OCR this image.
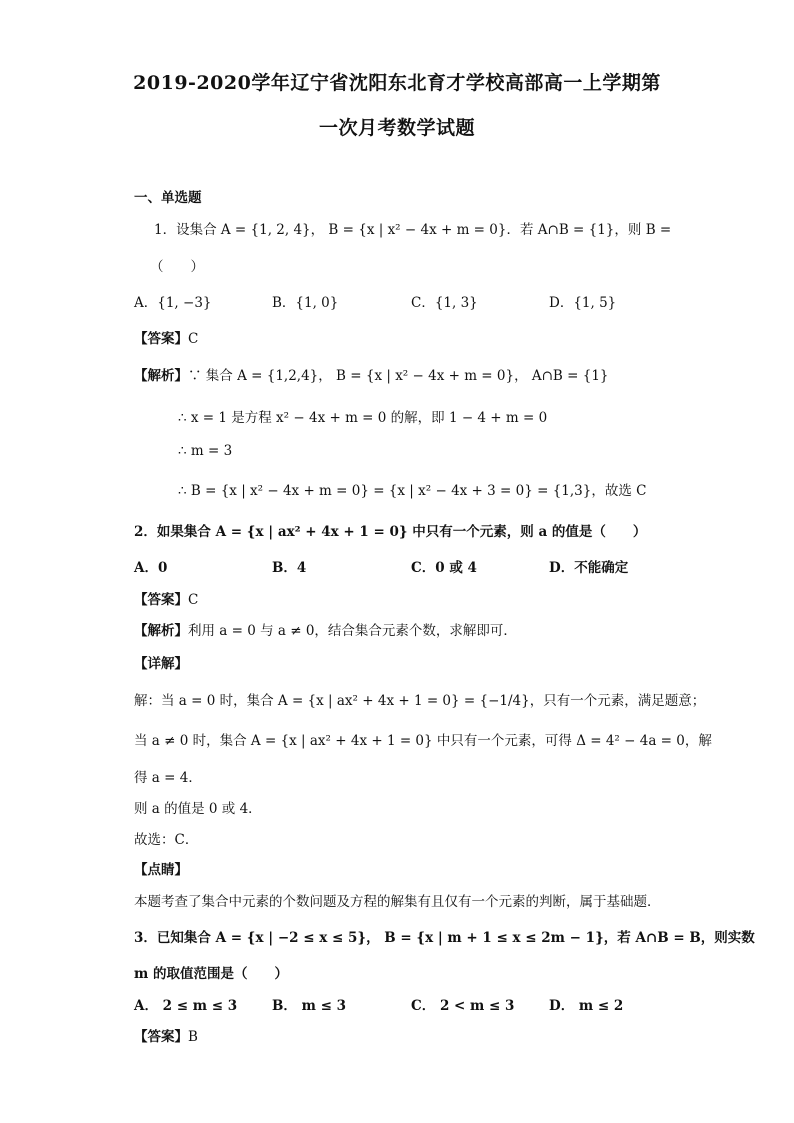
2019-2020学年辽宁省沈阳东北育才学校高部高一上学期第
一次月考数学试题
一、单选题
1．设集合 A = {1, 2, 4}， B = {x | x² − 4x + m = 0}．若 A∩B = {1}，则 B =
（　　）
A．{1, −3}	B．{1, 0}	C．{1, 3}	D．{1, 5}
【答案】C
【解析】∵ 集合 A = {1,2,4}， B = {x | x² − 4x + m = 0}， A∩B = {1}
∴ x = 1 是方程 x² − 4x + m = 0 的解，即 1 − 4 + m = 0
∴ m = 3
∴ B = {x | x² − 4x + m = 0} = {x | x² − 4x + 3 = 0} = {1,3}，故选 C
2．如果集合 A = {x | ax² + 4x + 1 = 0} 中只有一个元素，则 a 的值是（　　）
A．0	B．4	C．0 或 4	D．不能确定
【答案】C
【解析】利用 a = 0 与 a ≠ 0，结合集合元素个数，求解即可．
【详解】
解：当 a = 0 时，集合 A = {x | ax² + 4x + 1 = 0} = {−1/4}，只有一个元素，满足题意；
当 a ≠ 0 时，集合 A = {x | ax² + 4x + 1 = 0} 中只有一个元素，可得 Δ = 4² − 4a = 0，解
得 a = 4．
则 a 的值是 0 或 4．
故选：C．
【点睛】
本题考查了集合中元素的个数问题及方程的解集有且仅有一个元素的判断，属于基础题．
3．已知集合 A = {x | −2 ≤ x ≤ 5}， B = {x | m + 1 ≤ x ≤ 2m − 1}，若 A∩B = B，则实数
m 的取值范围是（　　）
A． 2 ≤ m ≤ 3	B． m ≤ 3	C． 2 < m ≤ 3	D． m ≤ 2
【答案】B
